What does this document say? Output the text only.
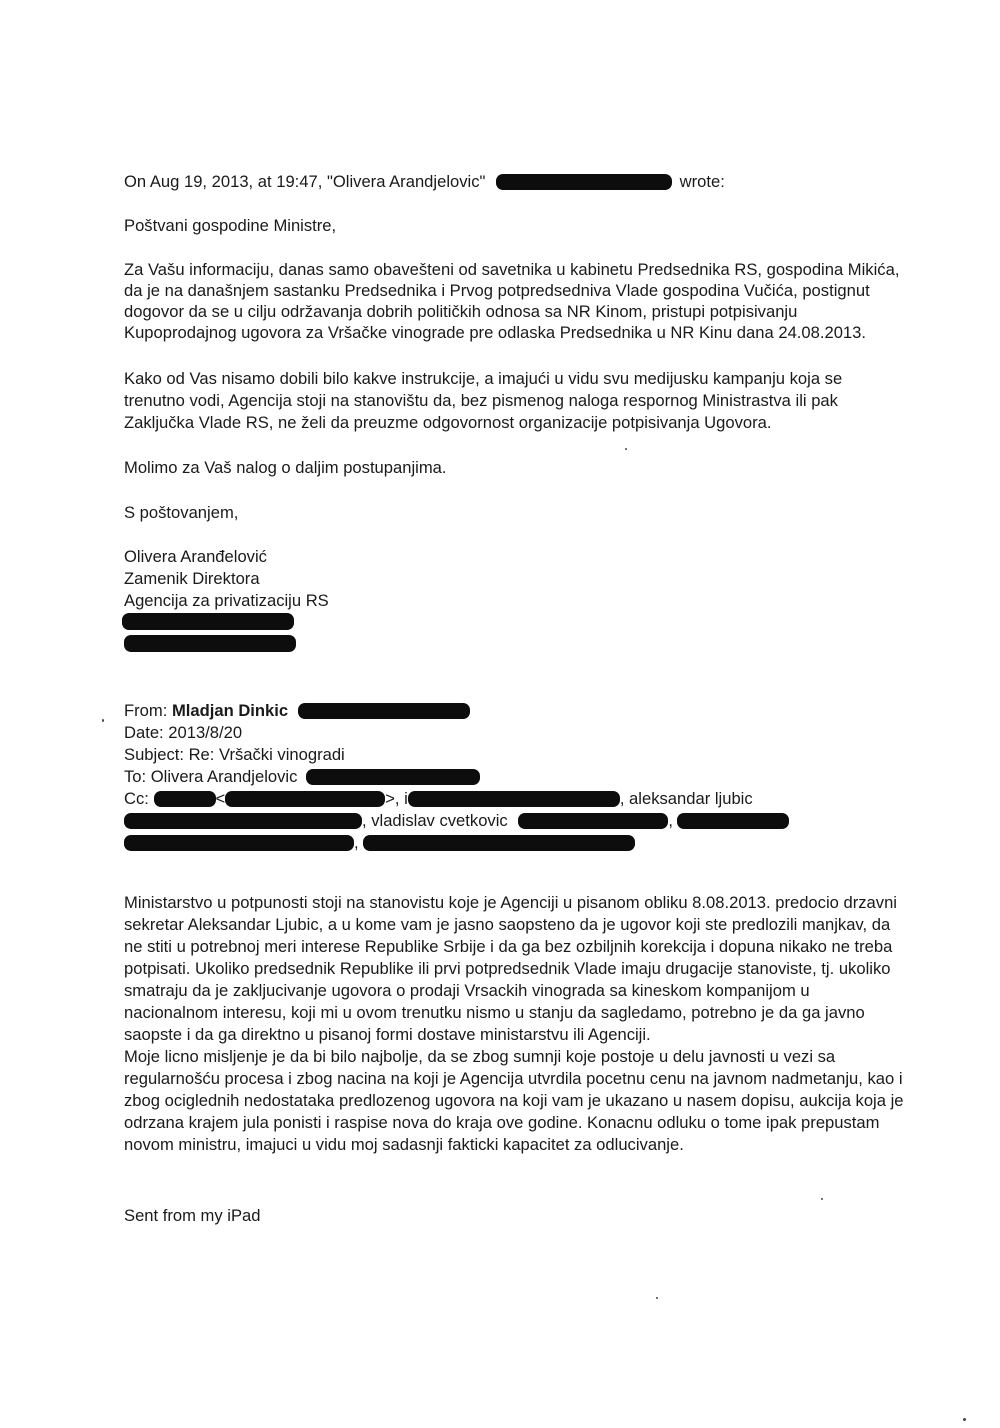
On Aug 19, 2013, at 19:47, "Olivera Arandjelovic"	wrote:
Poštvani gospodine Ministre,
Za Vašu informaciju, danas samo obavešteni od savetnika u kabinetu Predsednika RS, gospodina Mikića,
da je na današnjem sastanku Predsednika i Prvog potpredsedniva Vlade gospodina Vučića, postignut
dogovor da se u cilju održavanja dobrih političkih odnosa sa NR Kinom, pristupi potpisivanju
Kupoprodajnog ugovora za Vršačke vinograde pre odlaska Predsednika u NR Kinu dana 24.08.2013.
Kako od Vas nisamo dobili bilo kakve instrukcije, a imajući u vidu svu medijusku kampanju koja se
trenutno vodi, Agencija stoji na stanovištu da, bez pismenog naloga respornog Ministrastva ili pak
Zaključka Vlade RS, ne želi da preuzme odgovornost organizacije potpisivanja Ugovora.
Molimo za Vaš nalog o daljim postupanjima.
S poštovanjem,
Olivera Aranđelović
Zamenik Direktora
Agencija za privatizaciju RS
From: Mladjan Dinkic
Date: 2013/8/20
Subject: Re: Vršački vinogradi
To: Olivera Arandjelovic
Cc:	<	>, i	, aleksandar ljubic
, vladislav cvetkovic	,
,
Ministarstvo u potpunosti stoji na stanovistu koje je Agenciji u pisanom obliku 8.08.2013. predocio drzavni
sekretar Aleksandar Ljubic, a u kome vam je jasno saopsteno da je ugovor koji ste predlozili manjkav, da
ne stiti u potrebnoj meri interese Republike Srbije i da ga bez ozbiljnih korekcija i dopuna nikako ne treba
potpisati. Ukoliko predsednik Republike ili prvi potpredsednik Vlade imaju drugacije stanoviste, tj. ukoliko
smatraju da je zakljucivanje ugovora o prodaji Vrsackih vinograda sa kineskom kompanijom u
nacionalnom interesu, koji mi u ovom trenutku nismo u stanju da sagledamo, potrebno je da ga javno
saopste i da ga direktno u pisanoj formi dostave ministarstvu ili Agenciji.
Moje licno misljenje je da bi bilo najbolje, da se zbog sumnji koje postoje u delu javnosti u vezi sa
regularnošću procesa i zbog nacina na koji je Agencija utvrdila pocetnu cenu na javnom nadmetanju, kao i
zbog ociglednih nedostataka predlozenog ugovora na koji vam je ukazano u nasem dopisu, aukcija koja je
odrzana krajem jula ponisti i raspise nova do kraja ove godine. Konacnu odluku o tome ipak prepustam
novom ministru, imajuci u vidu moj sadasnji fakticki kapacitet za odlucivanje.
Sent from my iPad
